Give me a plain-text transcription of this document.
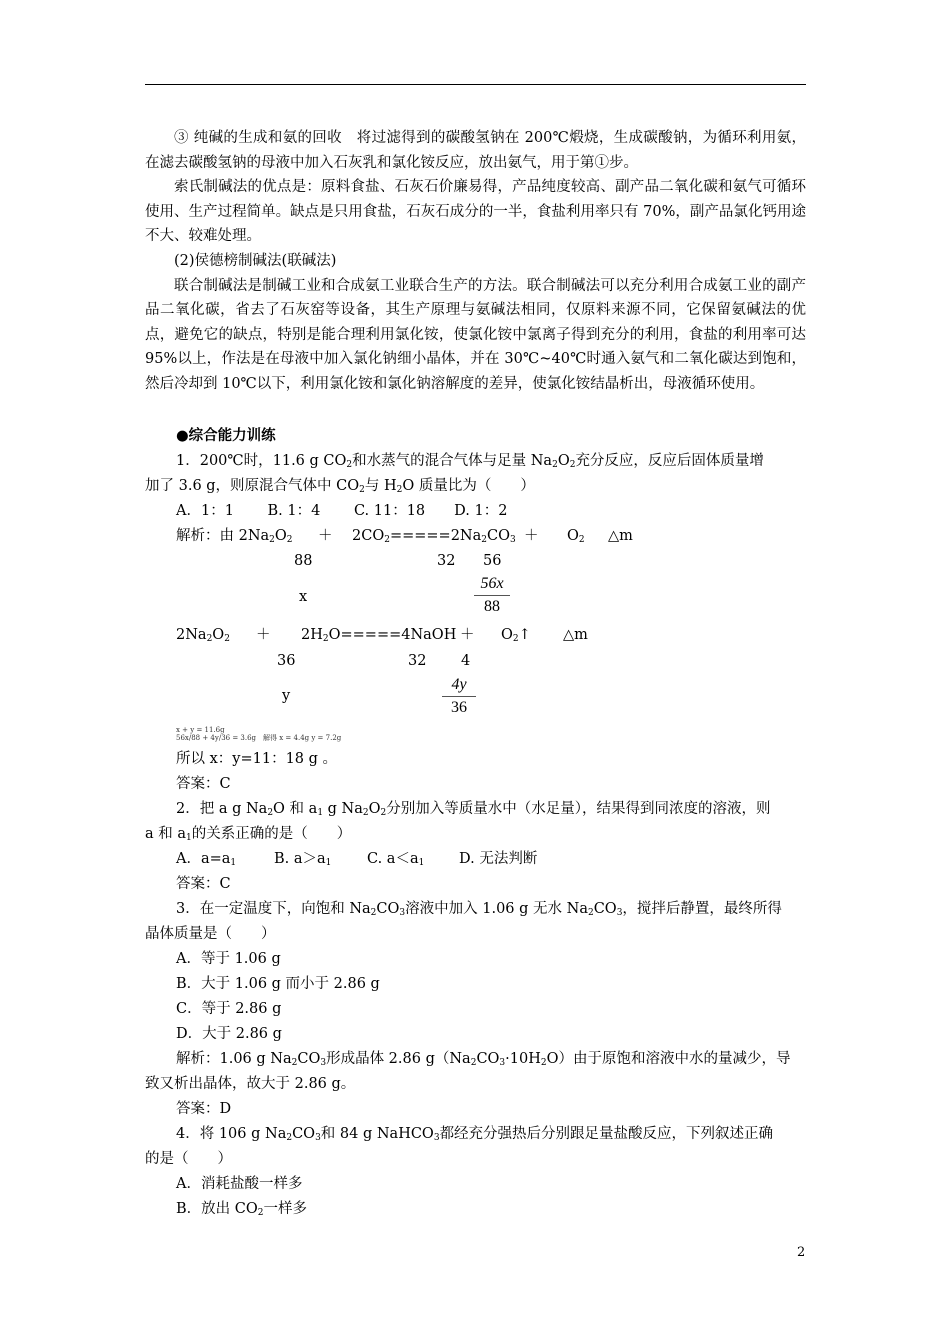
③ 纯碱的生成和氨的回收　将过滤得到的碳酸氢钠在 200℃煅烧，生成碳酸钠，为循环利用氨，在滤去碳酸氢钠的母液中加入石灰乳和氯化铵反应，放出氨气，用于第①步。

索氏制碱法的优点是：原料食盐、石灰石价廉易得，产品纯度较高、副产品二氧化碳和氨气可循环使用、生产过程简单。缺点是只用食盐，石灰石成分的一半，食盐利用率只有 70%，副产品氯化钙用途不大、较难处理。

(2)侯德榜制碱法(联碱法)

联合制碱法是制碱工业和合成氨工业联合生产的方法。联合制碱法可以充分利用合成氨工业的副产品二氧化碳，省去了石灰窑等设备，其生产原理与氨碱法相同，仅原料来源不同，它保留氨碱法的优点，避免它的缺点，特别是能合理利用氯化铵，使氯化铵中氯离子得到充分的利用，食盐的利用率可达 95%以上，作法是在母液中加入氯化钠细小晶体，并在 30℃~40℃时通入氨气和二氧化碳达到饱和，然后冷却到 10℃以下，利用氯化铵和氯化钠溶解度的差异，使氯化铵结晶析出，母液循环使用。

●综合能力训练
1．200℃时，11.6 g $CO_2$和水蒸气的混合气体与足量 $Na_2O_2$充分反应，反应后固体质量增
加了 3.6 g，则原混合气体中 $CO_2$与 $H_2O$ 质量比为（　　）
A．1：1　　 B. 1：4　　 C. 11：18　　D. 1：2
解析：由 $2Na_2O_2 + 2CO_2=====2Na_2CO_3 + O_2$ △m
88	32 56
x
56x
88
$2Na_2O_2$ ＋ $2H_2O=====4NaOH$ ＋ $O_2↑$ △m
36	32 4
y
4y
36
x + y = 11.6g
56x/88 + 4y/36 = 3.6g　解得 x = 4.4g y = 7.2g
所以 x：y=11：18 g 。
答案：C
2．把 a g $Na_2O$ 和 $a_1$ g $Na_2O_2$分别加入等质量水中（水足量），结果得到同浓度的溶液，则
a 和 $a_1$的关系正确的是（　　）
A．$a=a_1$	B. $a>a_1$ C. $a<a_1$ D. 无法判断
答案：C
3．在一定温度下，向饱和 $Na_2CO_3$溶液中加入 1.06 g 无水 $Na_2CO_3$，搅拌后静置，最终所得
晶体质量是（　　）
A．等于 1.06 g
B．大于 1.06 g 而小于 2.86 g
C．等于 2.86 g
D．大于 2.86 g
解析：1.06 g $Na_2CO_3$形成晶体 2.86 $g(Na_2CO_3\cdot 10H_2O)$由于原饱和溶液中水的量减少，导
致又析出晶体，故大于 2.86 g。
答案：D
4．将 106 g $Na_2CO_3$和 84 g NaHCO$_3$都经充分强热后分别跟足量盐酸反应，下列叙述正确
的是（　　）
A．消耗盐酸一样多
B．放出 $CO_2$一样多
2
